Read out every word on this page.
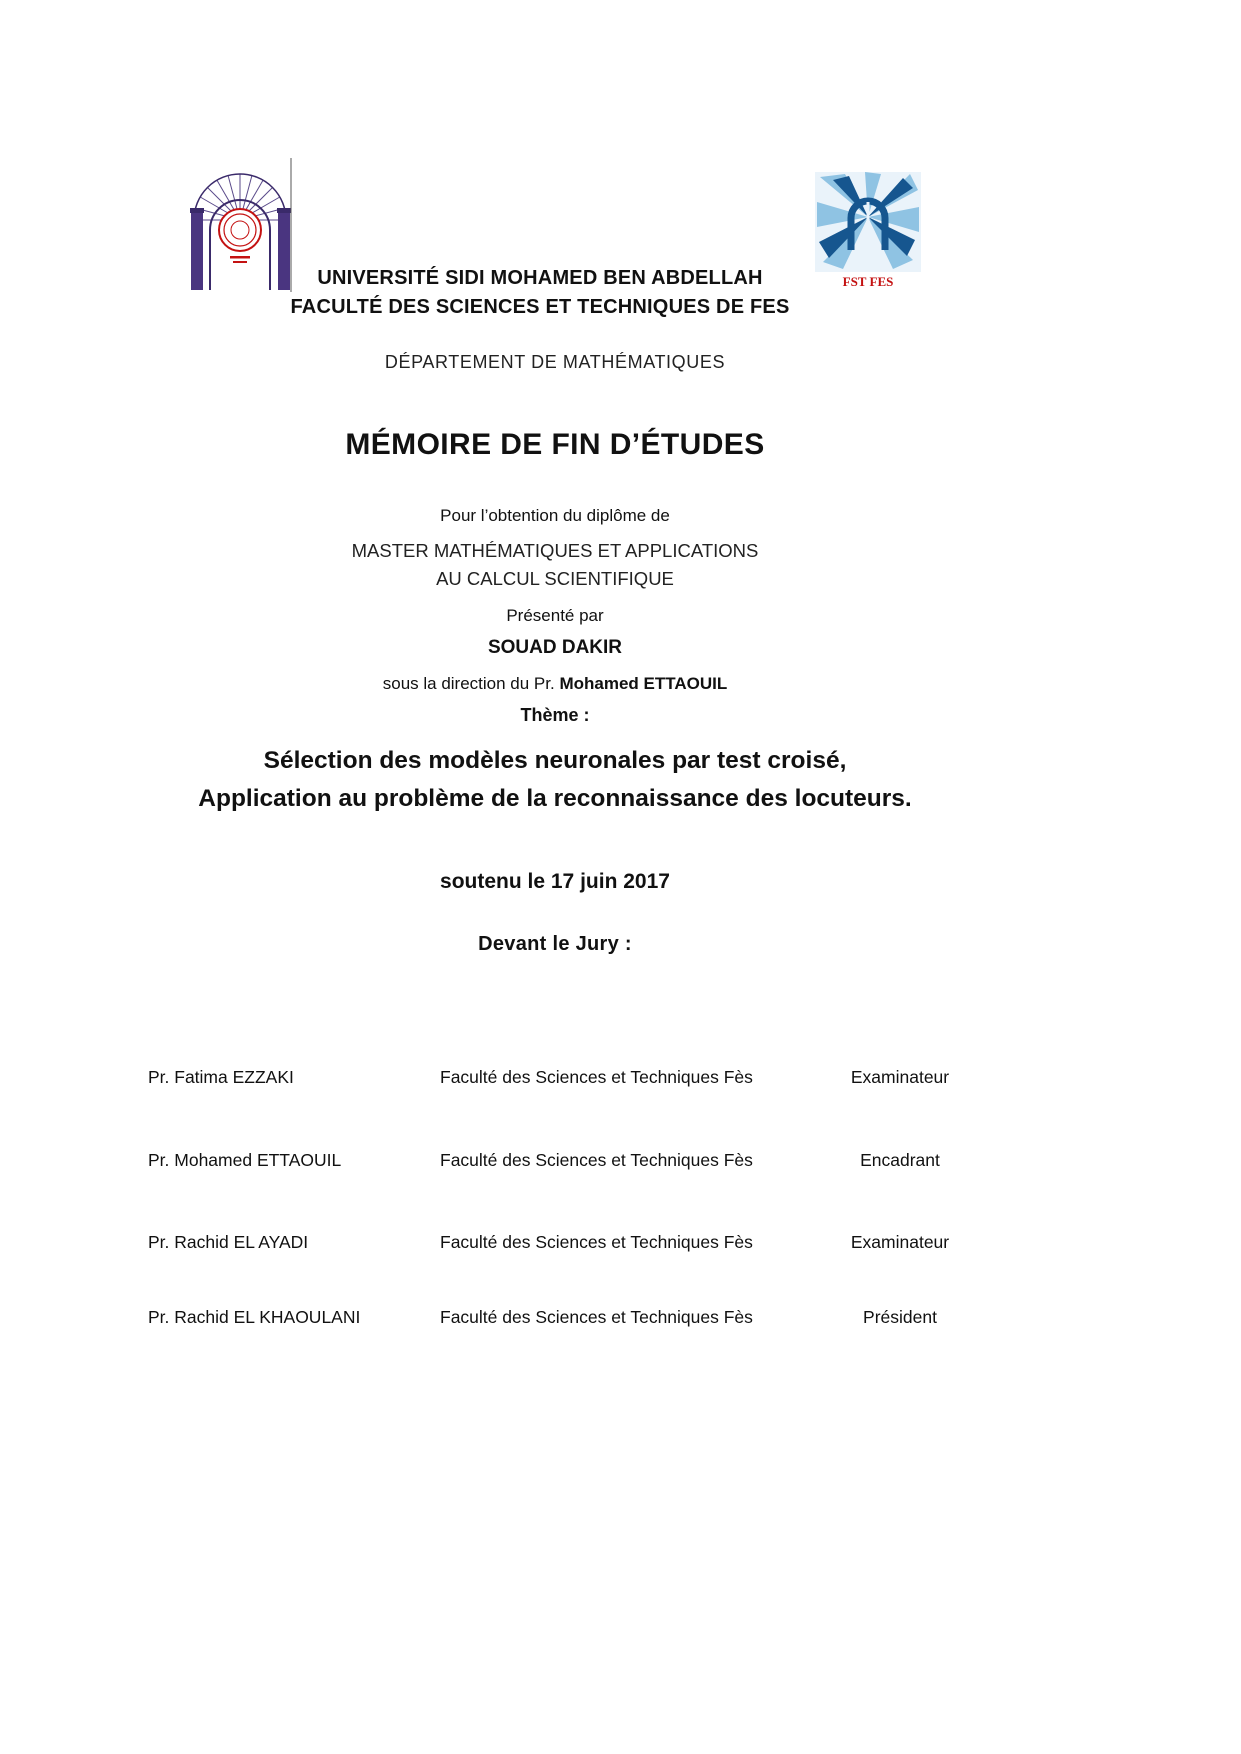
FST FES
UNIVERSITÉ SIDI MOHAMED BEN ABDELLAH
FACULTÉ DES SCIENCES ET TECHNIQUES DE FES
DÉPARTEMENT DE MATHÉMATIQUES
MÉMOIRE DE FIN D’ÉTUDES
Pour l’obtention du diplôme de
MASTER MATHÉMATIQUES ET APPLICATIONS
AU CALCUL SCIENTIFIQUE
Présenté par
SOUAD DAKIR
sous la direction du Pr. Mohamed ETTAOUIL
Thème :
Sélection des modèles neuronales par test croisé,
Application au problème de la reconnaissance des locuteurs.
soutenu le 17 juin 2017
Devant le Jury :
Pr. Fatima EZZAKI	Faculté des Sciences et Techniques Fès	Examinateur
Pr. Mohamed ETTAOUIL	Faculté des Sciences et Techniques Fès	Encadrant
Pr. Rachid EL AYADI	Faculté des Sciences et Techniques Fès	Examinateur
Pr. Rachid EL KHAOULANI	Faculté des Sciences et Techniques Fès	Président
